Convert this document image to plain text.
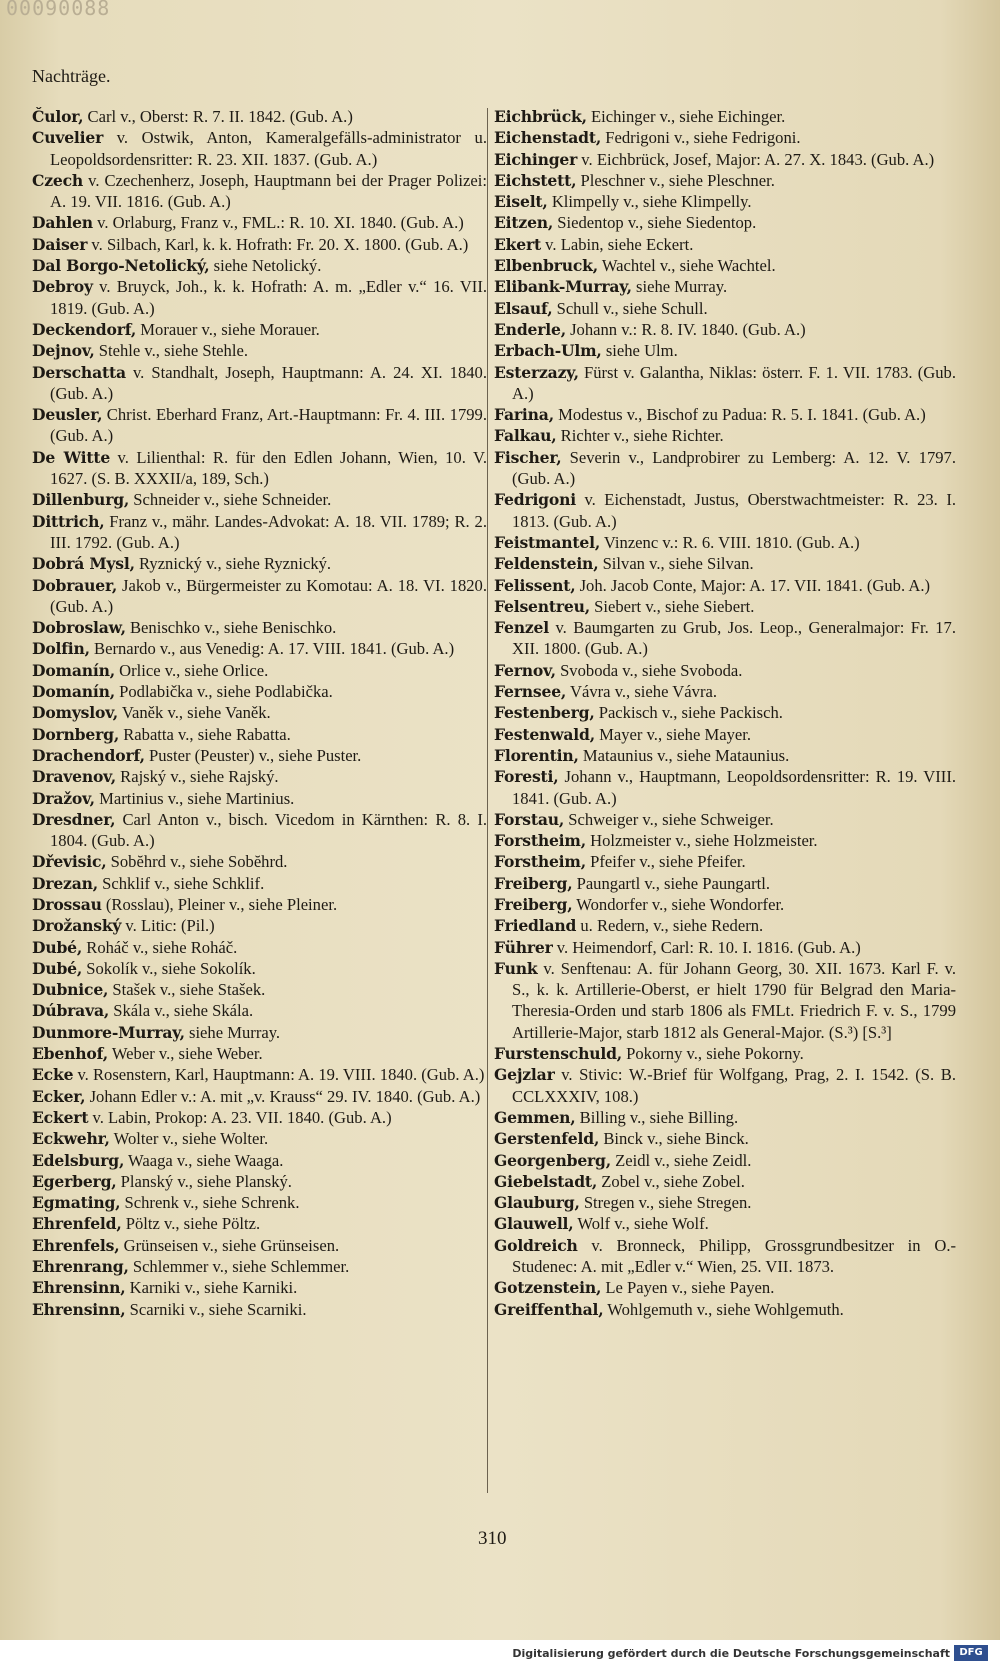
00090088
Nachträge.

Čulor, Carl v., Oberst: R. 7. II. 1842. (Gub. A.)

Cuvelier v. Ostwik, Anton, Kameralgefälls-administrator u. Leopoldsordensritter: R. 23. XII. 1837. (Gub. A.)

Czech v. Czechenherz, Joseph, Hauptmann bei der Prager Polizei: A. 19. VII. 1816. (Gub. A.)

Dahlen v. Orlaburg, Franz v., FML.: R. 10. XI. 1840. (Gub. A.)

Daiser v. Silbach, Karl, k. k. Hofrath: Fr. 20. X. 1800. (Gub. A.)

Dal Borgo-Netolický, siehe Netolický.

Debroy v. Bruyck, Joh., k. k. Hofrath: A. m. „Edler v.“ 16. VII. 1819. (Gub. A.)

Deckendorf, Morauer v., siehe Morauer.

Dejnov, Stehle v., siehe Stehle.

Derschatta v. Standhalt, Joseph, Hauptmann: A. 24. XI. 1840. (Gub. A.)

Deusler, Christ. Eberhard Franz, Art.-Hauptmann: Fr. 4. III. 1799. (Gub. A.)

De Witte v. Lilienthal: R. für den Edlen Johann, Wien, 10. V. 1627. (S. B. XXXII/a, 189, Sch.)

Dillenburg, Schneider v., siehe Schneider.

Dittrich, Franz v., mähr. Landes-Advokat: A. 18. VII. 1789; R. 2. III. 1792. (Gub. A.)

Dobrá Mysl, Ryznický v., siehe Ryznický.

Dobrauer, Jakob v., Bürgermeister zu Komotau: A. 18. VI. 1820. (Gub. A.)

Dobroslaw, Benischko v., siehe Benischko.

Dolfin, Bernardo v., aus Venedig: A. 17. VIII. 1841. (Gub. A.)

Domanín, Orlice v., siehe Orlice.

Domanín, Podlabička v., siehe Podlabička.

Domyslov, Vaněk v., siehe Vaněk.

Dornberg, Rabatta v., siehe Rabatta.

Drachendorf, Puster (Peuster) v., siehe Puster.

Dravenov, Rajský v., siehe Rajský.

Dražov, Martinius v., siehe Martinius.

Dresdner, Carl Anton v., bisch. Vicedom in Kärnthen: R. 8. I. 1804. (Gub. A.)

Dřevisic, Sobĕhrd v., siehe Sobĕhrd.

Drezan, Schklif v., siehe Schklif.

Drossau (Rosslau), Pleiner v., siehe Pleiner.

Drožanský v. Litic: (Pil.)

Dubé, Roháč v., siehe Roháč.

Dubé, Sokolík v., siehe Sokolík.

Dubnice, Stašek v., siehe Stašek.

Dúbrava, Skála v., siehe Skála.

Dunmore-Murray, siehe Murray.

Ebenhof, Weber v., siehe Weber.

Ecke v. Rosenstern, Karl, Hauptmann: A. 19. VIII. 1840. (Gub. A.)

Ecker, Johann Edler v.: A. mit „v. Krauss“ 29. IV. 1840. (Gub. A.)

Eckert v. Labin, Prokop: A. 23. VII. 1840. (Gub. A.)

Eckwehr, Wolter v., siehe Wolter.

Edelsburg, Waaga v., siehe Waaga.

Egerberg, Planský v., siehe Planský.

Egmating, Schrenk v., siehe Schrenk.

Ehrenfeld, Pöltz v., siehe Pöltz.

Ehrenfels, Grünseisen v., siehe Grünseisen.

Ehrenrang, Schlemmer v., siehe Schlemmer.

Ehrensinn, Karniki v., siehe Karniki.

Ehrensinn, Scarniki v., siehe Scarniki.

Eichbrück, Eichinger v., siehe Eichinger.

Eichenstadt, Fedrigoni v., siehe Fedrigoni.

Eichinger v. Eichbrück, Josef, Major: A. 27. X. 1843. (Gub. A.)

Eichstett, Pleschner v., siehe Pleschner.

Eiselt, Klimpelly v., siehe Klimpelly.

Eitzen, Siedentop v., siehe Siedentop.

Ekert v. Labin, siehe Eckert.

Elbenbruck, Wachtel v., siehe Wachtel.

Elibank-Murray, siehe Murray.

Elsauf, Schull v., siehe Schull.

Enderle, Johann v.: R. 8. IV. 1840. (Gub. A.)

Erbach-Ulm, siehe Ulm.

Esterzazy, Fürst v. Galantha, Niklas: österr. F. 1. VII. 1783. (Gub. A.)

Farina, Modestus v., Bischof zu Padua: R. 5. I. 1841. (Gub. A.)

Falkau, Richter v., siehe Richter.

Fischer, Severin v., Landprobirer zu Lemberg: A. 12. V. 1797. (Gub. A.)

Fedrigoni v. Eichenstadt, Justus, Oberstwachtmeister: R. 23. I. 1813. (Gub. A.)

Feistmantel, Vinzenc v.: R. 6. VIII. 1810. (Gub. A.)

Feldenstein, Silvan v., siehe Silvan.

Felissent, Joh. Jacob Conte, Major: A. 17. VII. 1841. (Gub. A.)

Felsentreu, Siebert v., siehe Siebert.

Fenzel v. Baumgarten zu Grub, Jos. Leop., Generalmajor: Fr. 17. XII. 1800. (Gub. A.)

Fernov, Svoboda v., siehe Svoboda.

Fernsee, Vávra v., siehe Vávra.

Festenberg, Packisch v., siehe Packisch.

Festenwald, Mayer v., siehe Mayer.

Florentin, Mataunius v., siehe Mataunius.

Foresti, Johann v., Hauptmann, Leopoldsordensritter: R. 19. VIII. 1841. (Gub. A.)

Forstau, Schweiger v., siehe Schweiger.

Forstheim, Holzmeister v., siehe Holzmeister.

Forstheim, Pfeifer v., siehe Pfeifer.

Freiberg, Paungartl v., siehe Paungartl.

Freiberg, Wondorfer v., siehe Wondorfer.

Friedland u. Redern, v., siehe Redern.

Führer v. Heimendorf, Carl: R. 10. I. 1816. (Gub. A.)

Funk v. Senftenau: A. für Johann Georg, 30. XII. 1673. Karl F. v. S., k. k. Artillerie-Oberst, er hielt 1790 für Belgrad den Maria-Theresia-Orden und starb 1806 als FMLt. Friedrich F. v. S., 1799 Artillerie-Major, starb 1812 als General-Major. (S.³) [S.³]

Furstenschuld, Pokorny v., siehe Pokorny.

Gejzlar v. Stivic: W.-Brief für Wolfgang, Prag, 2. I. 1542. (S. B. CCLXXXIV, 108.)

Gemmen, Billing v., siehe Billing.

Gerstenfeld, Binck v., siehe Binck.

Georgenberg, Zeidl v., siehe Zeidl.

Giebelstadt, Zobel v., siehe Zobel.

Glauburg, Stregen v., siehe Stregen.

Glauwell, Wolf v., siehe Wolf.

Goldreich v. Bronneck, Philipp, Grossgrundbesitzer in O.-Studenec: A. mit „Edler v.“ Wien, 25. VII. 1873.

Gotzenstein, Le Payen v., siehe Payen.

Greiffenthal, Wohlgemuth v., siehe Wohlgemuth.

310
Digitalisierung gefördert durch die Deutsche Forschungsgemeinschaft DFG
